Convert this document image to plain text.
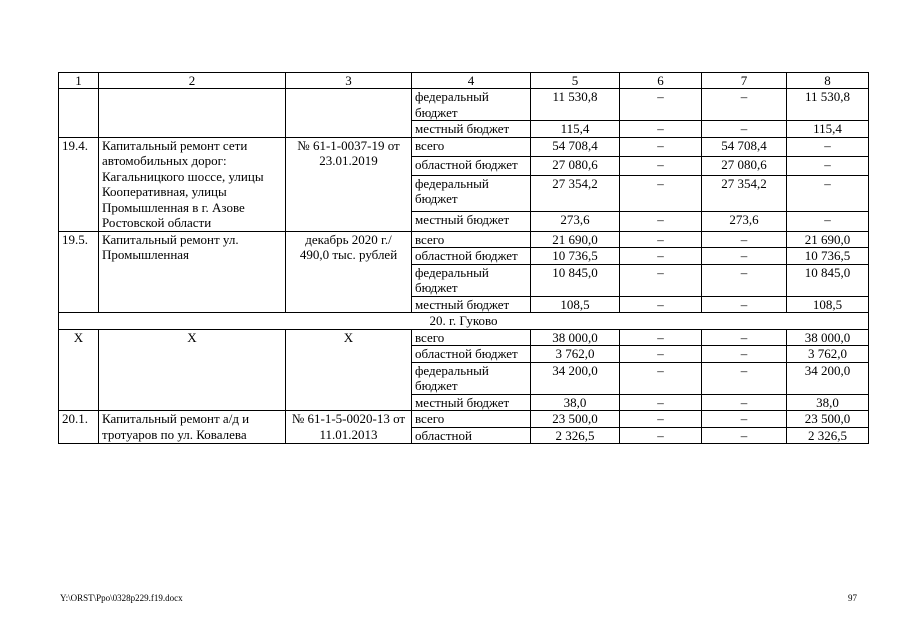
1	2	3	4	5	6	7	8
			федеральный бюджет	11 530,8	–	–	11 530,8
			местный бюджет	115,4	–	–	115,4
19.4.	Капитальный ремонт сети автомобильных дорог: Кагальницкого шоссе, улицы Кооперативная, улицы Промышленная в г. Азове Ростовской области	№ 61-1-0037-19 от 23.01.2019	всего	54 708,4	–	54 708,4	–
			областной бюджет	27 080,6	–	27 080,6	–
			федеральный бюджет	27 354,2	–	27 354,2	–
			местный бюджет	273,6	–	273,6	–
19.5.	Капитальный ремонт ул. Промышленная	декабрь 2020 г./ 490,0 тыс. рублей	всего	21 690,0	–	–	21 690,0
			областной бюджет	10 736,5	–	–	10 736,5
			федеральный бюджет	10 845,0	–	–	10 845,0
			местный бюджет	108,5	–	–	108,5
20. г. Гуково							
Х	Х	Х	всего	38 000,0	–	–	38 000,0
			областной бюджет	3 762,0	–	–	3 762,0
			федеральный бюджет	34 200,0	–	–	34 200,0
			местный бюджет	38,0	–	–	38,0
20.1.	Капитальный ремонт а/д и тротуаров по ул. Ковалева	№ 61-1-5-0020-13 от 11.01.2013	всего	23 500,0	–	–	23 500,0
			областной	2 326,5	–	–	2 326,5
Y:\ORST\Ppo\0328p229.f19.docx	97
